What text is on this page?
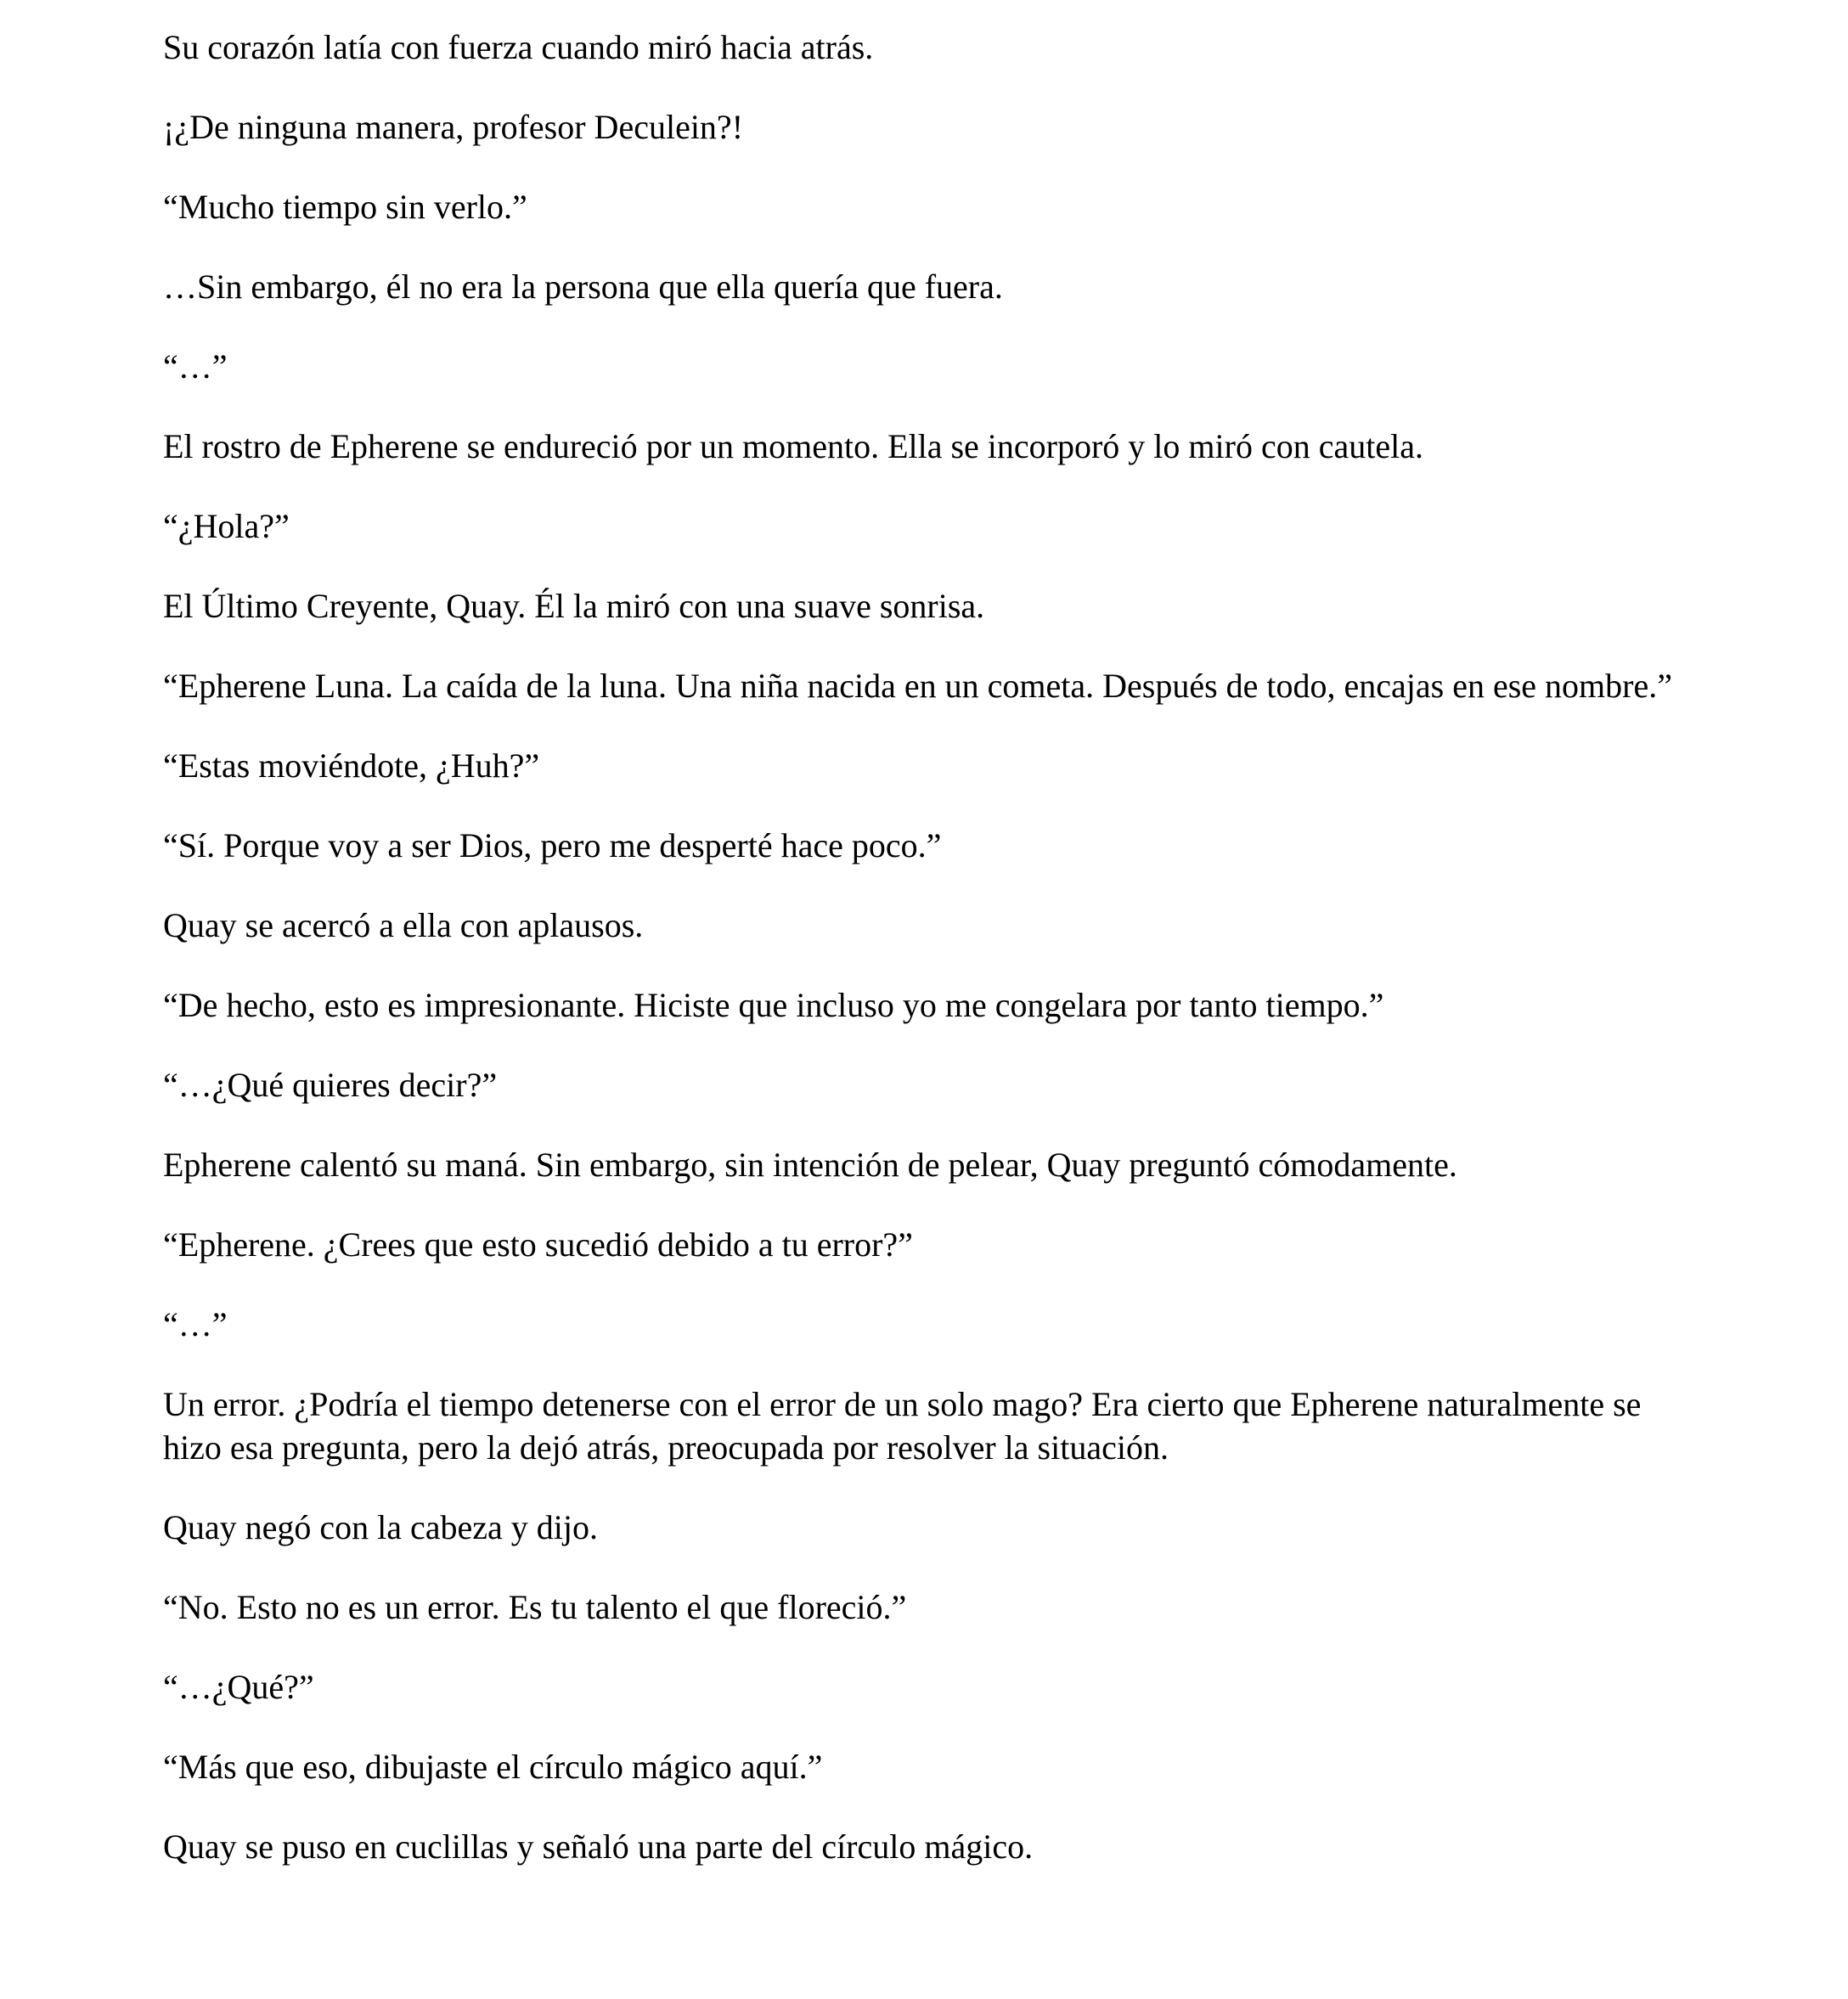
Su corazón latía con fuerza cuando miró hacia atrás.

¡¿De ninguna manera, profesor Deculein?!

“Mucho tiempo sin verlo.”

…Sin embargo, él no era la persona que ella quería que fuera.

“…”

El rostro de Epherene se endureció por un momento. Ella se incorporó y lo miró con cautela.

“¿Hola?”

El Último Creyente, Quay. Él la miró con una suave sonrisa.

“Epherene Luna. La caída de la luna. Una niña nacida en un cometa. Después de todo, encajas en ese nombre.”

“Estas moviéndote, ¿Huh?”

“Sí. Porque voy a ser Dios, pero me desperté hace poco.”

Quay se acercó a ella con aplausos.

“De hecho, esto es impresionante. Hiciste que incluso yo me congelara por tanto tiempo.”

“…¿Qué quieres decir?”

Epherene calentó su maná. Sin embargo, sin intención de pelear, Quay preguntó cómodamente.

“Epherene. ¿Crees que esto sucedió debido a tu error?”

“…”

Un error. ¿Podría el tiempo detenerse con el error de un solo mago? Era cierto que Epherene naturalmente se hizo esa pregunta, pero la dejó atrás, preocupada por resolver la situación.

Quay negó con la cabeza y dijo.

“No. Esto no es un error. Es tu talento el que floreció.”

“…¿Qué?”

“Más que eso, dibujaste el círculo mágico aquí.”

Quay se puso en cuclillas y señaló una parte del círculo mágico.
